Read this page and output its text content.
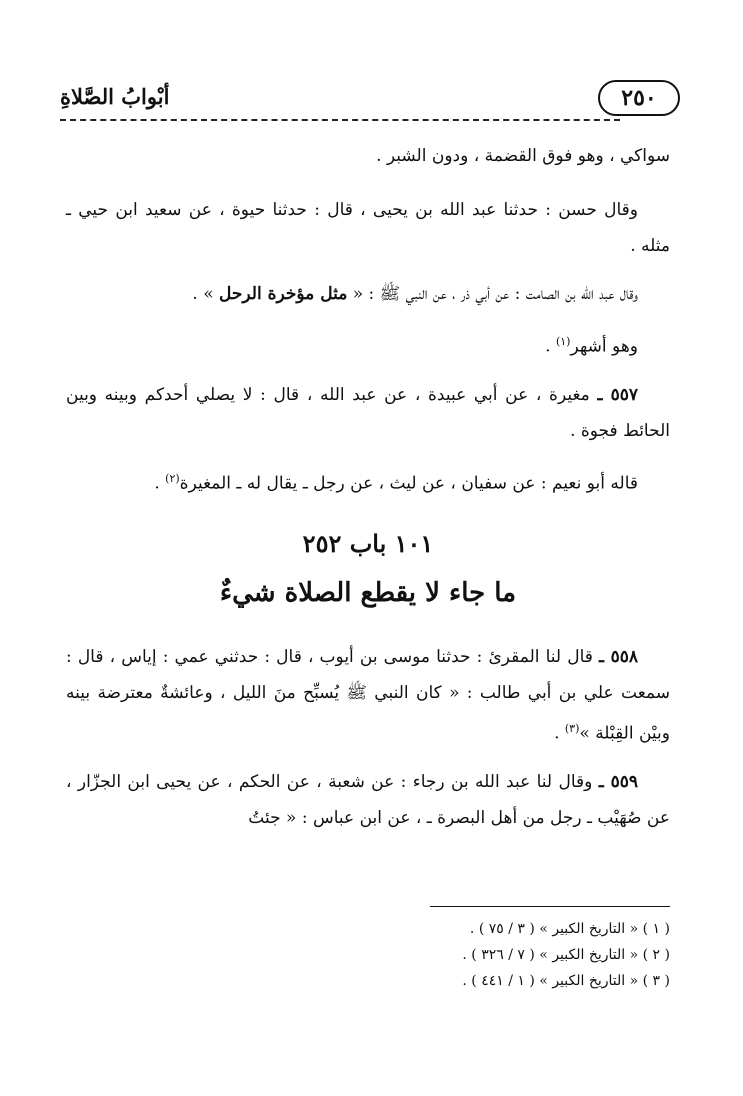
٢٥٠
أبْوابُ الصَّلاةِ

سواكي ، وهو فوق القضمة ، ودون الشبر .

وقال حسن : حدثنا عبد الله بن يحيى ، قال : حدثنا حيوة ، عن سعيد ابن حيي ـ مثله .

وقال عبد الله بن الصامت : عن أبي ذر ، عن النبي ﷺ : « مثل مؤخرة الرحل » .

وهو أشهر$^{(١)}$ .

٥٥٧ ـ مغيرة ، عن أبي عبيدة ، عن عبد الله ، قال : لا يصلي أحدكم وبينه وبين الحائط فجوة .

قاله أبو نعيم : عن سفيان ، عن ليث ، عن رجل ـ يقال له ـ المغيرة$^{(٢)}$ .

١٠١ باب ٢٥٢
ما جاء لا يقطع الصلاة شيءٌ

٥٥٨ ـ قال لنا المقرئ : حدثنا موسى بن أيوب ، قال : حدثني عمي : إياس ، قال : سمعت علي بن أبي طالب : « كان النبي ﷺ يُسبِّح منَ الليل ، وعائشةٌ معترضة بينه وبيْن القِبْلة »$^{(٣)}$ .

٥٥٩ ـ وقال لنا عبد الله بن رجاء : عن شعبة ، عن الحكم ، عن يحيى ابن الجزّار ، عن صُهَيْب ـ رجل من أهل البصرة ـ ، عن ابن عباس : « جئتُ

( ١ ) « التاريخ الكبير » ( ٣ / ٧٥ ) .

( ٢ ) « التاريخ الكبير » ( ٧ / ٣٢٦ ) .

( ٣ ) « التاريخ الكبير » ( ١ / ٤٤١ ) .
